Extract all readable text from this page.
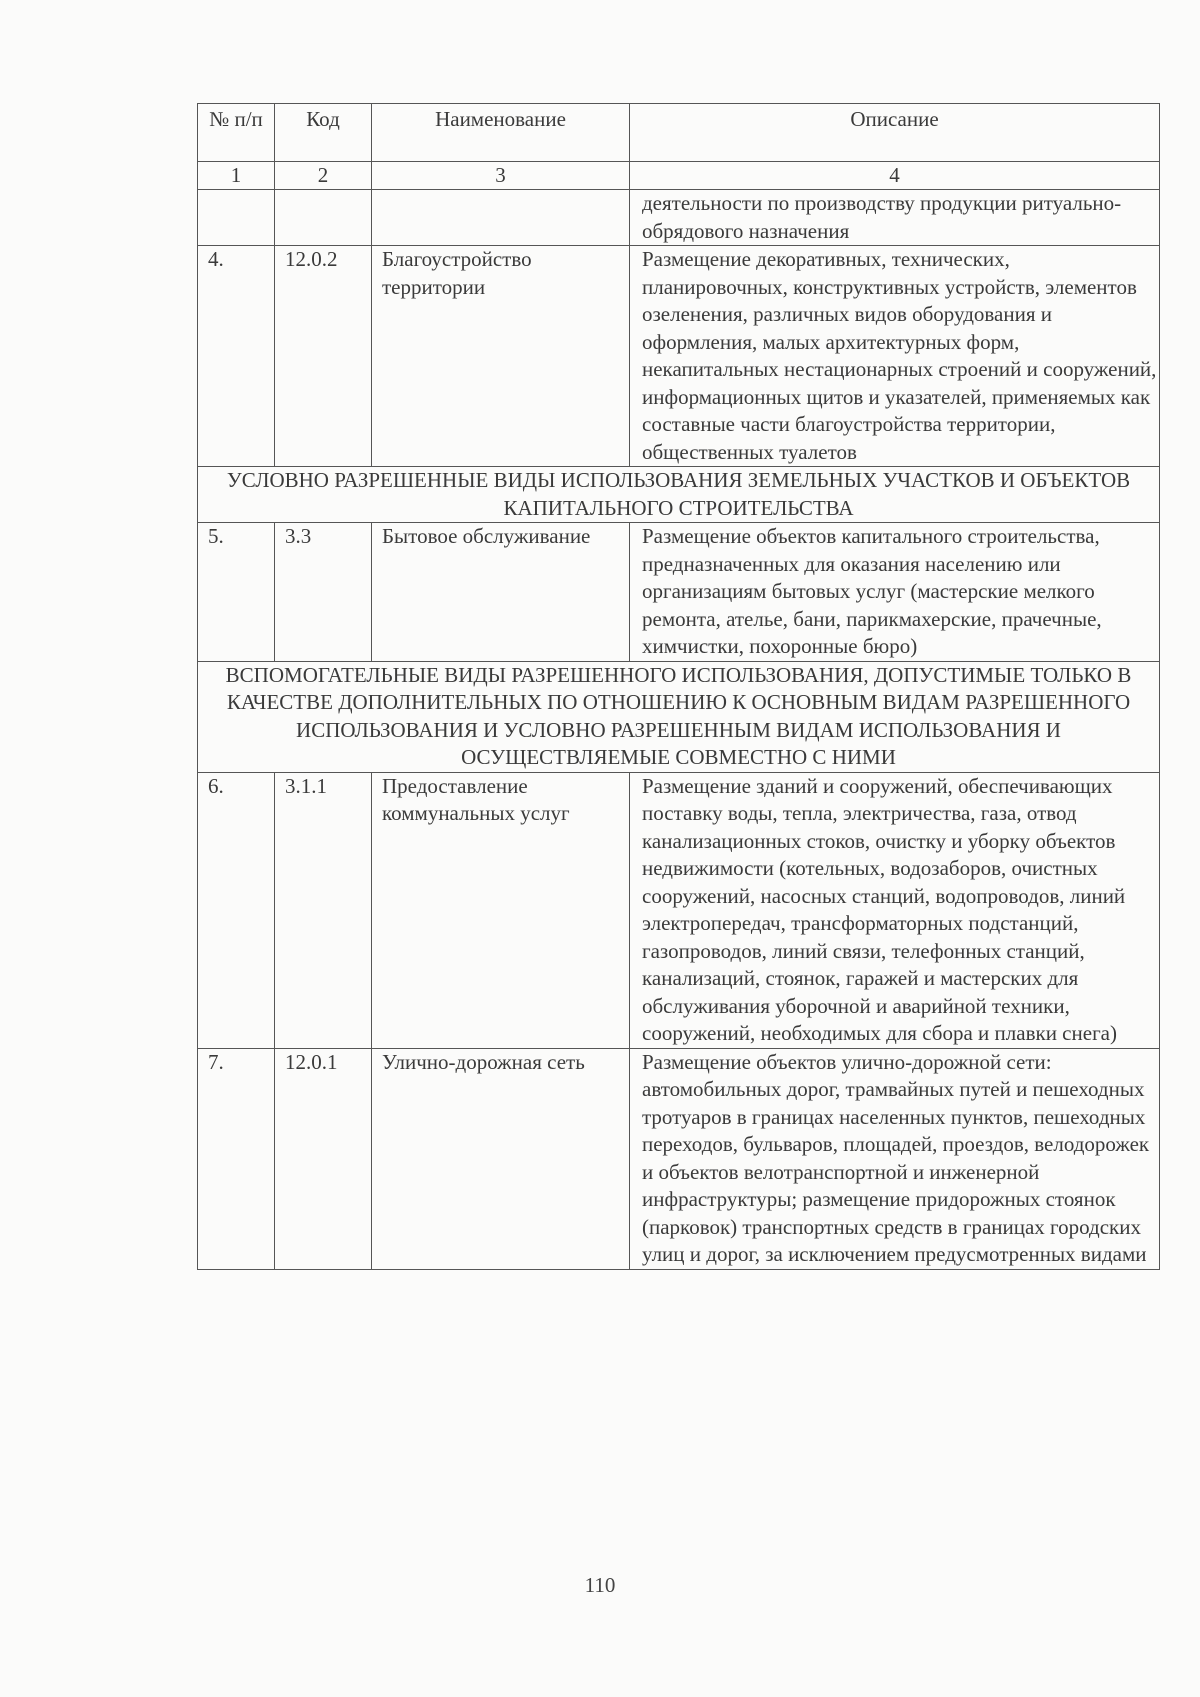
№ п/п	Код	Наименование	Описание
1	2	3	4
			деятельности по производству продукции ритуально-обрядового назначения
4.	12.0.2	Благоустройство территории	Размещение декоративных, технических, планировочных, конструктивных устройств, элементов озеленения, различных видов оборудования и оформления, малых архитектурных форм, некапитальных нестационарных строений и сооружений, информационных щитов и указателей, применяемых как составные части благоустройства территории, общественных туалетов
УСЛОВНО РАЗРЕШЕННЫЕ ВИДЫ ИСПОЛЬЗОВАНИЯ ЗЕМЕЛЬНЫХ УЧАСТКОВ И ОБЪЕКТОВ КАПИТАЛЬНОГО СТРОИТЕЛЬСТВА			
5.	3.3	Бытовое обслуживание	Размещение объектов капитального строительства, предназначенных для оказания населению или организациям бытовых услуг (мастерские мелкого ремонта, ателье, бани, парикмахерские, прачечные, химчистки, похоронные бюро)
ВСПОМОГАТЕЛЬНЫЕ ВИДЫ РАЗРЕШЕННОГО ИСПОЛЬЗОВАНИЯ, ДОПУСТИМЫЕ ТОЛЬКО В КАЧЕСТВЕ ДОПОЛНИТЕЛЬНЫХ ПО ОТНОШЕНИЮ К ОСНОВНЫМ ВИДАМ РАЗРЕШЕННОГО ИСПОЛЬЗОВАНИЯ И УСЛОВНО РАЗРЕШЕННЫМ ВИДАМ ИСПОЛЬЗОВАНИЯ И ОСУЩЕСТВЛЯЕМЫЕ СОВМЕСТНО С НИМИ			
6.	3.1.1	Предоставление коммунальных услуг	Размещение зданий и сооружений, обеспечивающих поставку воды, тепла, электричества, газа, отвод канализационных стоков, очистку и уборку объектов недвижимости (котельных, водозаборов, очистных сооружений, насосных станций, водопроводов, линий электропередач, трансформаторных подстанций, газопроводов, линий связи, телефонных станций, канализаций, стоянок, гаражей и мастерских для обслуживания уборочной и аварийной техники, сооружений, необходимых для сбора и плавки снега)
7.	12.0.1	Улично-дорожная сеть	Размещение объектов улично-дорожной сети: автомобильных дорог, трамвайных путей и пешеходных тротуаров в границах населенных пунктов, пешеходных переходов, бульваров, площадей, проездов, велодорожек и объектов велотранспортной и инженерной инфраструктуры; размещение придорожных стоянок (парковок) транспортных средств в границах городских улиц и дорог, за исключением предусмотренных видами
110
